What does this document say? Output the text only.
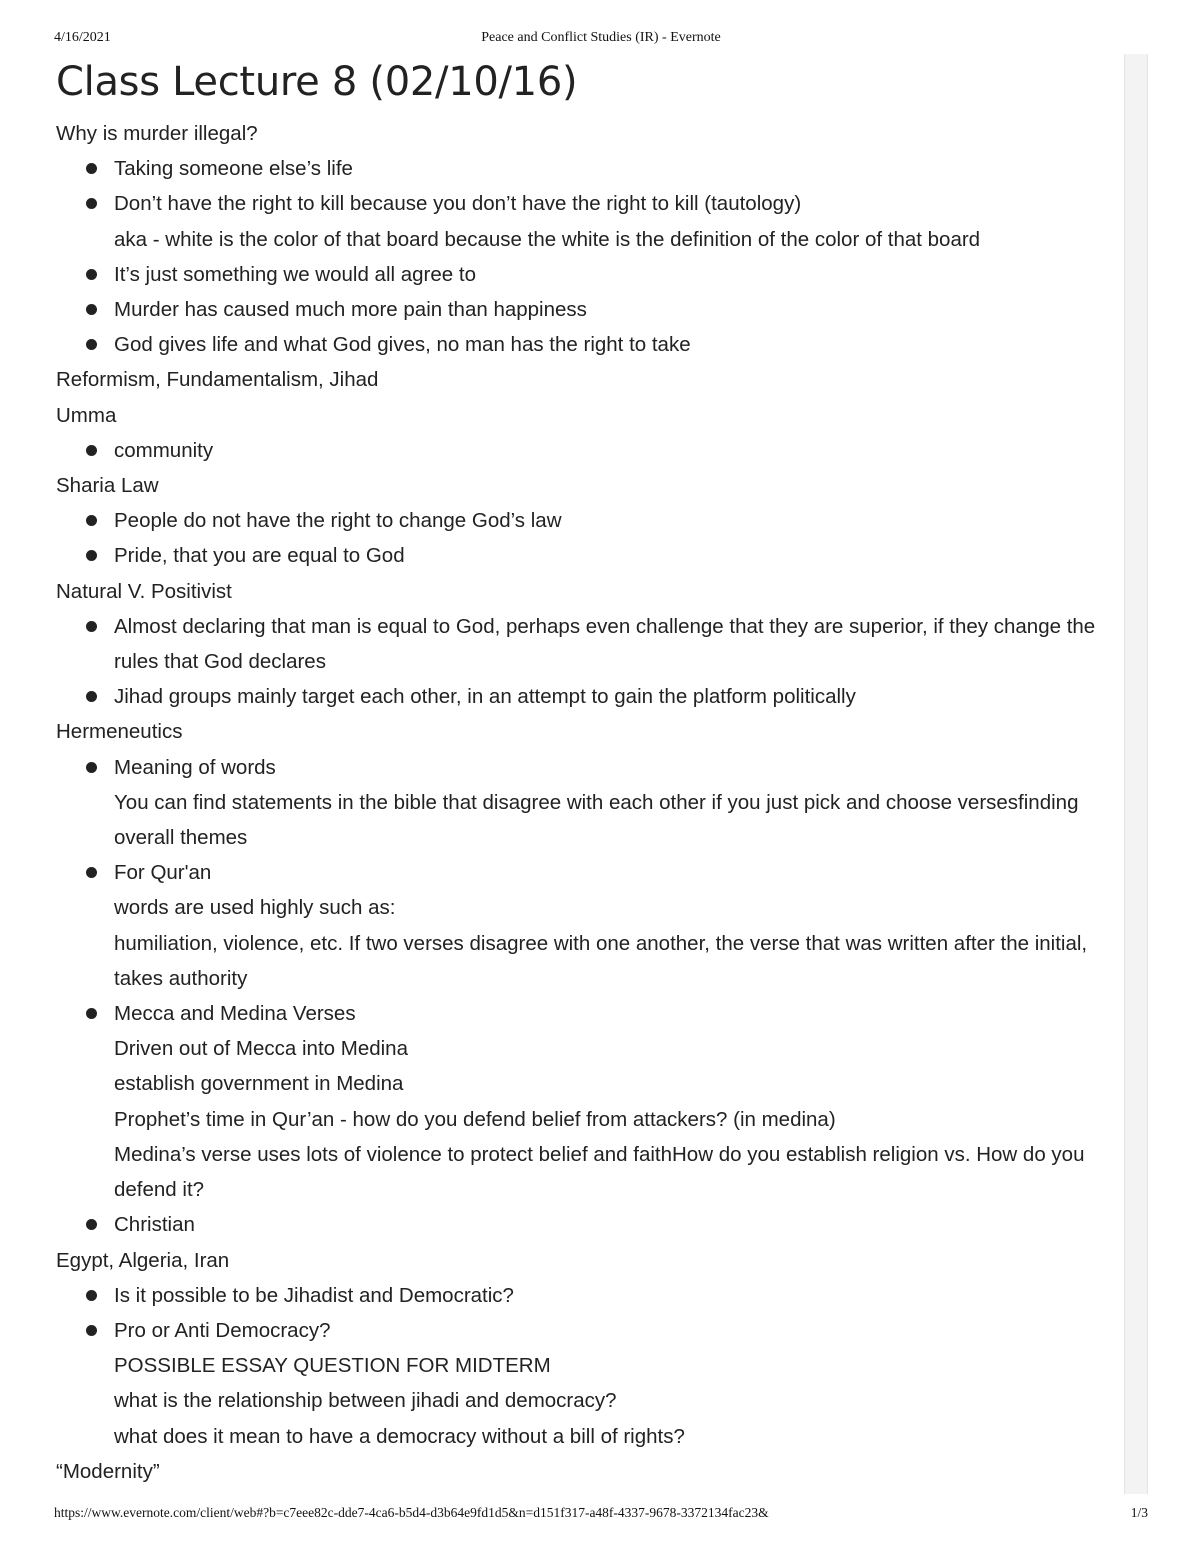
4/16/2021	Peace and Conflict Studies (IR) - Evernote
Class Lecture 8 (02/10/16)

Why is murder illegal?

Taking someone else’s life
Don’t have the right to kill because you don’t have the right to kill (tautology)
aka - white is the color of that board because the white is the definition of the color of that board
It’s just something we would all agree to
Murder has caused much more pain than happiness
God gives life and what God gives, no man has the right to take

Reformism, Fundamentalism, Jihad

Umma

community

Sharia Law

People do not have the right to change God’s law
Pride, that you are equal to God

Natural V. Positivist

Almost declaring that man is equal to God, perhaps even challenge that they are superior, if they change the rules that God declares
Jihad groups mainly target each other, in an attempt to gain the platform politically

Hermeneutics

Meaning of words
You can find statements in the bible that disagree with each other if you just pick and choose versesfinding overall themes
For Qur'an
words are used highly such as:
humiliation, violence, etc. If two verses disagree with one another, the verse that was written after the initial, takes authority
Mecca and Medina Verses
Driven out of Mecca into Medina
establish government in Medina
Prophet’s time in Qur’an - how do you defend belief from attackers? (in medina)
Medina’s verse uses lots of violence to protect belief and faithHow do you establish religion vs. How do you defend it?
Christian

Egypt, Algeria, Iran

Is it possible to be Jihadist and Democratic?
Pro or Anti Democracy?
POSSIBLE ESSAY QUESTION FOR MIDTERM
what is the relationship between jihadi and democracy?
what does it mean to have a democracy without a bill of rights?

“Modernity”

https://www.evernote.com/client/web#?b=c7eee82c-dde7-4ca6-b5d4-d3b64e9fd1d5&n=d151f317-a48f-4337-9678-3372134fac23&	1/3
